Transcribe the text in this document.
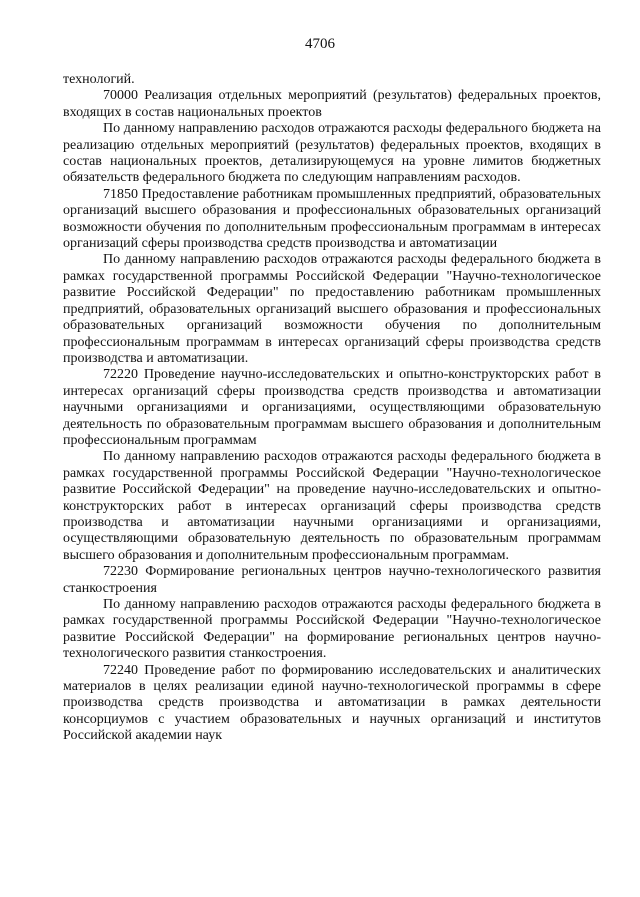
4706

технологий.

70000 Реализация отдельных мероприятий (результатов) федеральных проектов, входящих в состав национальных проектов

По данному направлению расходов отражаются расходы федерального бюджета на реализацию отдельных мероприятий (результатов) федеральных проектов, входящих в состав национальных проектов, детализирующемуся на уровне лимитов бюджетных обязательств федерального бюджета по следующим направлениям расходов.

71850 Предоставление работникам промышленных предприятий, образовательных организаций высшего образования и профессиональных образовательных организаций возможности обучения по дополнительным профессиональным программам в интересах организаций сферы производства средств производства и автоматизации

По данному направлению расходов отражаются расходы федерального бюджета в рамках государственной программы Российской Федерации "Научно-технологическое развитие Российской Федерации" по предоставлению работникам промышленных предприятий, образовательных организаций высшего образования и профессиональных образовательных организаций возможности обучения по дополнительным профессиональным программам в интересах организаций сферы производства средств производства и автоматизации.

72220 Проведение научно-исследовательских и опытно-конструкторских работ в интересах организаций сферы производства средств производства и автоматизации научными организациями и организациями, осуществляющими образовательную деятельность по образовательным программам высшего образования и дополнительным профессиональным программам

По данному направлению расходов отражаются расходы федерального бюджета в рамках государственной программы Российской Федерации "Научно-технологическое развитие Российской Федерации" на проведение научно-исследовательских и опытно-конструкторских работ в интересах организаций сферы производства средств производства и автоматизации научными организациями и организациями, осуществляющими образовательную деятельность по образовательным программам высшего образования и дополнительным профессиональным программам.

72230 Формирование региональных центров научно-технологического развития станкостроения

По данному направлению расходов отражаются расходы федерального бюджета в рамках государственной программы Российской Федерации "Научно-технологическое развитие Российской Федерации" на формирование региональных центров научно-технологического развития станкостроения.

72240 Проведение работ по формированию исследовательских и аналитических материалов в целях реализации единой научно-технологической программы в сфере производства средств производства и автоматизации в рамках деятельности консорциумов с участием образовательных и научных организаций и институтов Российской академии наук
